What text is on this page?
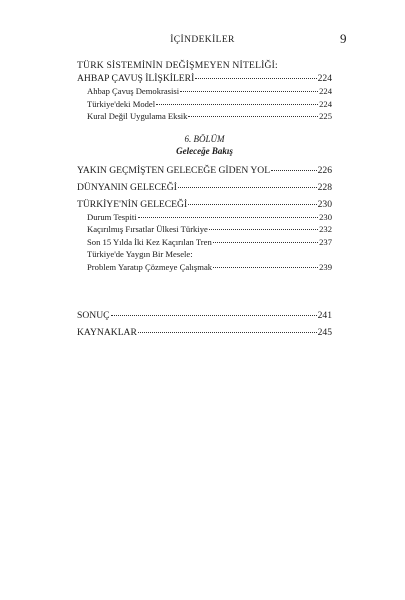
İÇİNDEKİLER	9
TÜRK SİSTEMİNİN DEĞİŞMEYEN NİTELİĞİ:
AHBAP ÇAVUŞ İLİŞKİLERİ	224
Ahbap Çavuş Demokrasisi	224
Türkiye'deki Model	224
Kural Değil Uygulama Eksik	225
6. BÖLÜM
Geleceğe Bakış
YAKIN GEÇMİŞTEN GELECEĞE GİDEN YOL	226
DÜNYANIN GELECEĞİ	228
TÜRKİYE'NİN GELECEĞİ	230
Durum Tespiti	230
Kaçırılmış Fırsatlar Ülkesi Türkiye	232
Son 15 Yılda İki Kez Kaçırılan Tren	237
Türkiye'de Yaygın Bir Mesele:
Problem Yaratıp Çözmeye Çalışmak	239
SONUÇ	241
KAYNAKLAR	245
